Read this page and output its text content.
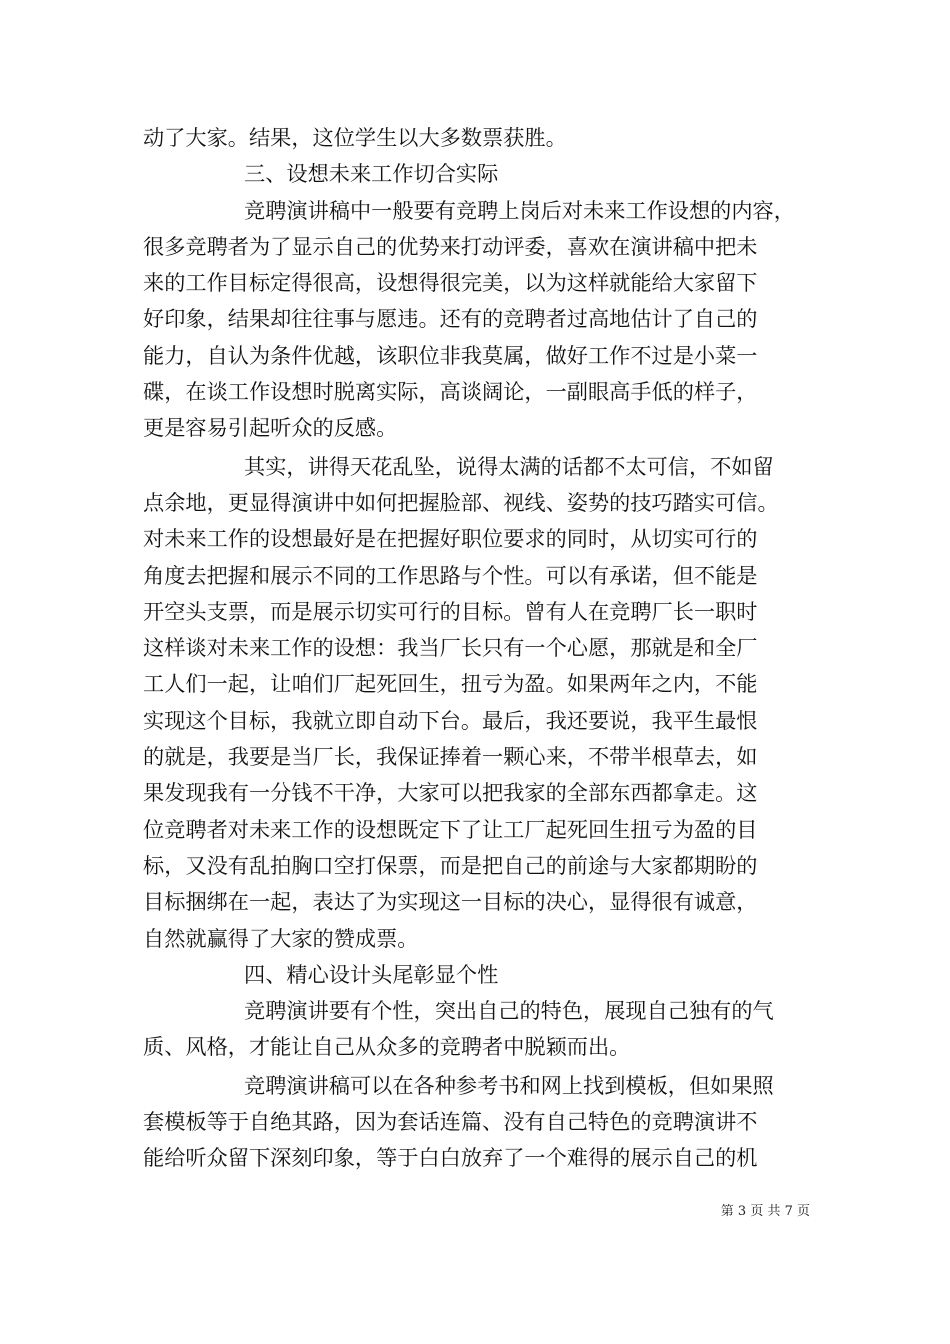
动了大家。结果，这位学生以大多数票获胜。
三、设想未来工作切合实际
竞聘演讲稿中一般要有竞聘上岗后对未来工作设想的内容，
很多竞聘者为了显示自己的优势来打动评委，喜欢在演讲稿中把未
来的工作目标定得很高，设想得很完美，以为这样就能给大家留下
好印象，结果却往往事与愿违。还有的竞聘者过高地估计了自己的
能力，自认为条件优越，该职位非我莫属，做好工作不过是小菜一
碟，在谈工作设想时脱离实际，高谈阔论，一副眼高手低的样子，
更是容易引起听众的反感。
其实，讲得天花乱坠，说得太满的话都不太可信，不如留
点余地，更显得演讲中如何把握脸部、视线、姿势的技巧踏实可信。
对未来工作的设想最好是在把握好职位要求的同时，从切实可行的
角度去把握和展示不同的工作思路与个性。可以有承诺，但不能是
开空头支票，而是展示切实可行的目标。曾有人在竞聘厂长一职时
这样谈对未来工作的设想：我当厂长只有一个心愿，那就是和全厂
工人们一起，让咱们厂起死回生，扭亏为盈。如果两年之内，不能
实现这个目标，我就立即自动下台。最后，我还要说，我平生最恨
的就是，我要是当厂长，我保证捧着一颗心来，不带半根草去，如
果发现我有一分钱不干净，大家可以把我家的全部东西都拿走。这
位竞聘者对未来工作的设想既定下了让工厂起死回生扭亏为盈的目
标，又没有乱拍胸口空打保票，而是把自己的前途与大家都期盼的
目标捆绑在一起，表达了为实现这一目标的决心，显得很有诚意，
自然就赢得了大家的赞成票。
四、精心设计头尾彰显个性
竞聘演讲要有个性，突出自己的特色，展现自己独有的气
质、风格，才能让自己从众多的竞聘者中脱颖而出。
竞聘演讲稿可以在各种参考书和网上找到模板，但如果照
套模板等于自绝其路，因为套话连篇、没有自己特色的竞聘演讲不
能给听众留下深刻印象，等于白白放弃了一个难得的展示自己的机
第 3 页 共 7 页
